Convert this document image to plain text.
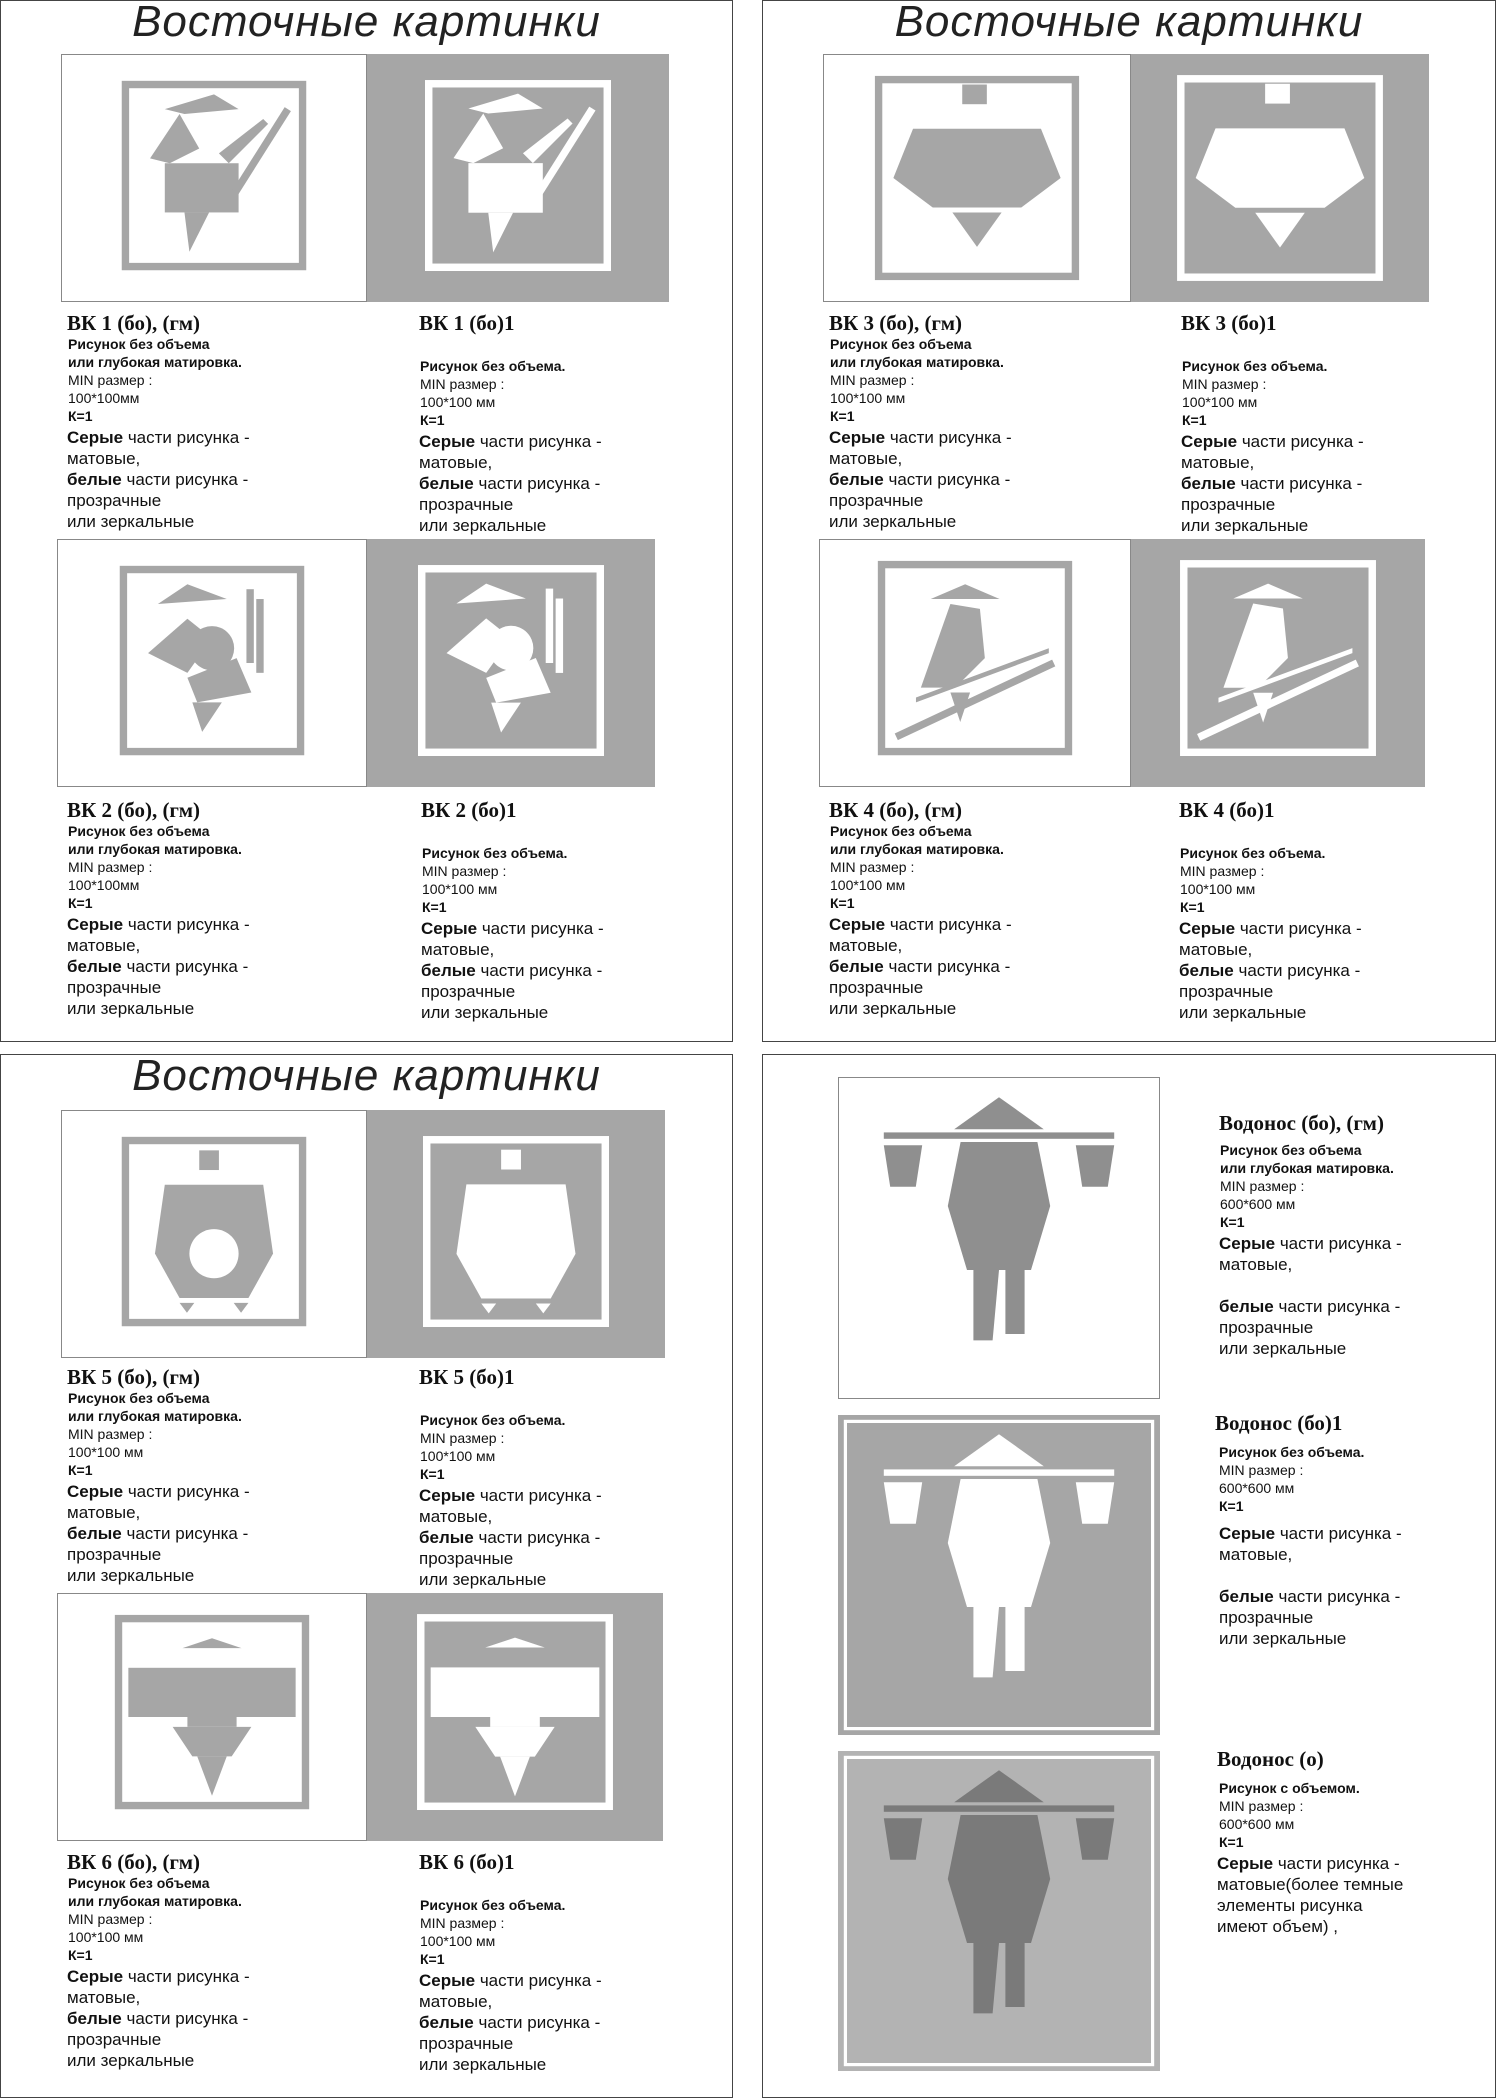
Восточные картинки
ВК 1 (бо), (гм)
Рисунок без объема
или глубокая матировка.
MIN размер :
100*100мм
К=1
Серые части рисунка -
матовые,
белые части рисунка -
прозрачные
или зеркальные
ВК 1 (бо)1
Рисунок без объема.
MIN размер :
100*100 мм
К=1
Серые части рисунка -
матовые,
белые части рисунка -
прозрачные
или зеркальные
ВК 2 (бо), (гм)
Рисунок без объема
или глубокая матировка.
MIN размер :
100*100мм
К=1
Серые части рисунка -
матовые,
белые части рисунка -
прозрачные
или зеркальные
ВК 2 (бо)1
Рисунок без объема.
MIN размер :
100*100 мм
К=1
Серые части рисунка -
матовые,
белые части рисунка -
прозрачные
или зеркальные
Восточные картинки
ВК 3 (бо), (гм)
Рисунок без объема
или глубокая матировка.
MIN размер :
100*100 мм
К=1
Серые части рисунка -
матовые,
белые части рисунка -
прозрачные
или зеркальные
ВК 3 (бо)1
Рисунок без объема.
MIN размер :
100*100 мм
К=1
Серые части рисунка -
матовые,
белые части рисунка -
прозрачные
или зеркальные
ВК 4 (бо), (гм)
Рисунок без объема
или глубокая матировка.
MIN размер :
100*100 мм
К=1
Серые части рисунка -
матовые,
белые части рисунка -
прозрачные
или зеркальные
ВК 4 (бо)1
Рисунок без объема.
MIN размер :
100*100 мм
К=1
Серые части рисунка -
матовые,
белые части рисунка -
прозрачные
или зеркальные
Восточные картинки
ВК 5 (бо), (гм)
Рисунок без объема
или глубокая матировка.
MIN размер :
100*100 мм
К=1
Серые части рисунка -
матовые,
белые части рисунка -
прозрачные
или зеркальные
ВК 5 (бо)1
Рисунок без объема.
MIN размер :
100*100 мм
К=1
Серые части рисунка -
матовые,
белые части рисунка -
прозрачные
или зеркальные
ВК 6 (бо), (гм)
Рисунок без объема
или глубокая матировка.
MIN размер :
100*100 мм
К=1
Серые части рисунка -
матовые,
белые части рисунка -
прозрачные
или зеркальные
ВК 6 (бо)1
Рисунок без объема.
MIN размер :
100*100 мм
К=1
Серые части рисунка -
матовые,
белые части рисунка -
прозрачные
или зеркальные
Водонос (бо), (гм)
Рисунок без объема
или глубокая матировка.
MIN размер :
600*600 мм
К=1
Серые части рисунка -
матовые,

белые части рисунка -
прозрачные
или зеркальные
Водонос (бо)1
Рисунок без объема.
MIN размер :
600*600 мм
К=1
Серые части рисунка -
матовые,

белые части рисунка -
прозрачные
или зеркальные
Водонос (о)
Рисунок с объемом.
MIN размер :
600*600 мм
К=1
Серые части рисунка -
матовые(более темные
элементы рисунка
имеют объем) ,
